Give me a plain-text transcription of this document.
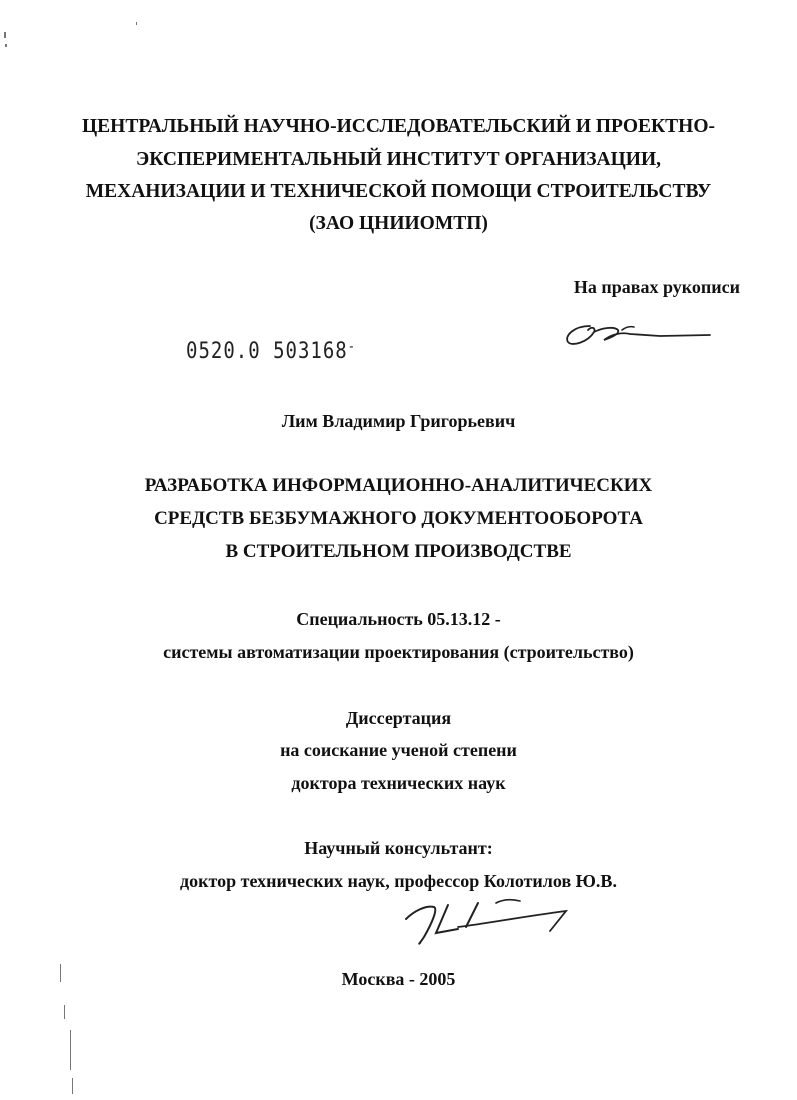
ЦЕНТРАЛЬНЫЙ НАУЧНО-ИССЛЕДОВАТЕЛЬСКИЙ И ПРОЕКТНО-
ЭКСПЕРИМЕНТАЛЬНЫЙ ИНСТИТУТ ОРГАНИЗАЦИИ,
МЕХАНИЗАЦИИ И ТЕХНИЧЕСКОЙ ПОМОЩИ СТРОИТЕЛЬСТВУ
(ЗАО ЦНИИОМТП)
На правах рукописи
0520.0 503168-
Лим Владимир Григорьевич
РАЗРАБОТКА ИНФОРМАЦИОННО-АНАЛИТИЧЕСКИХ
СРЕДСТВ БЕЗБУМАЖНОГО ДОКУМЕНТООБОРОТА
В СТРОИТЕЛЬНОМ ПРОИЗВОДСТВЕ
Специальность 05.13.12 -
системы автоматизации проектирования (строительство)
Диссертация
на соискание ученой степени
доктора технических наук
Научный консультант:
доктор технических наук, профессор Колотилов Ю.В.
Москва - 2005
